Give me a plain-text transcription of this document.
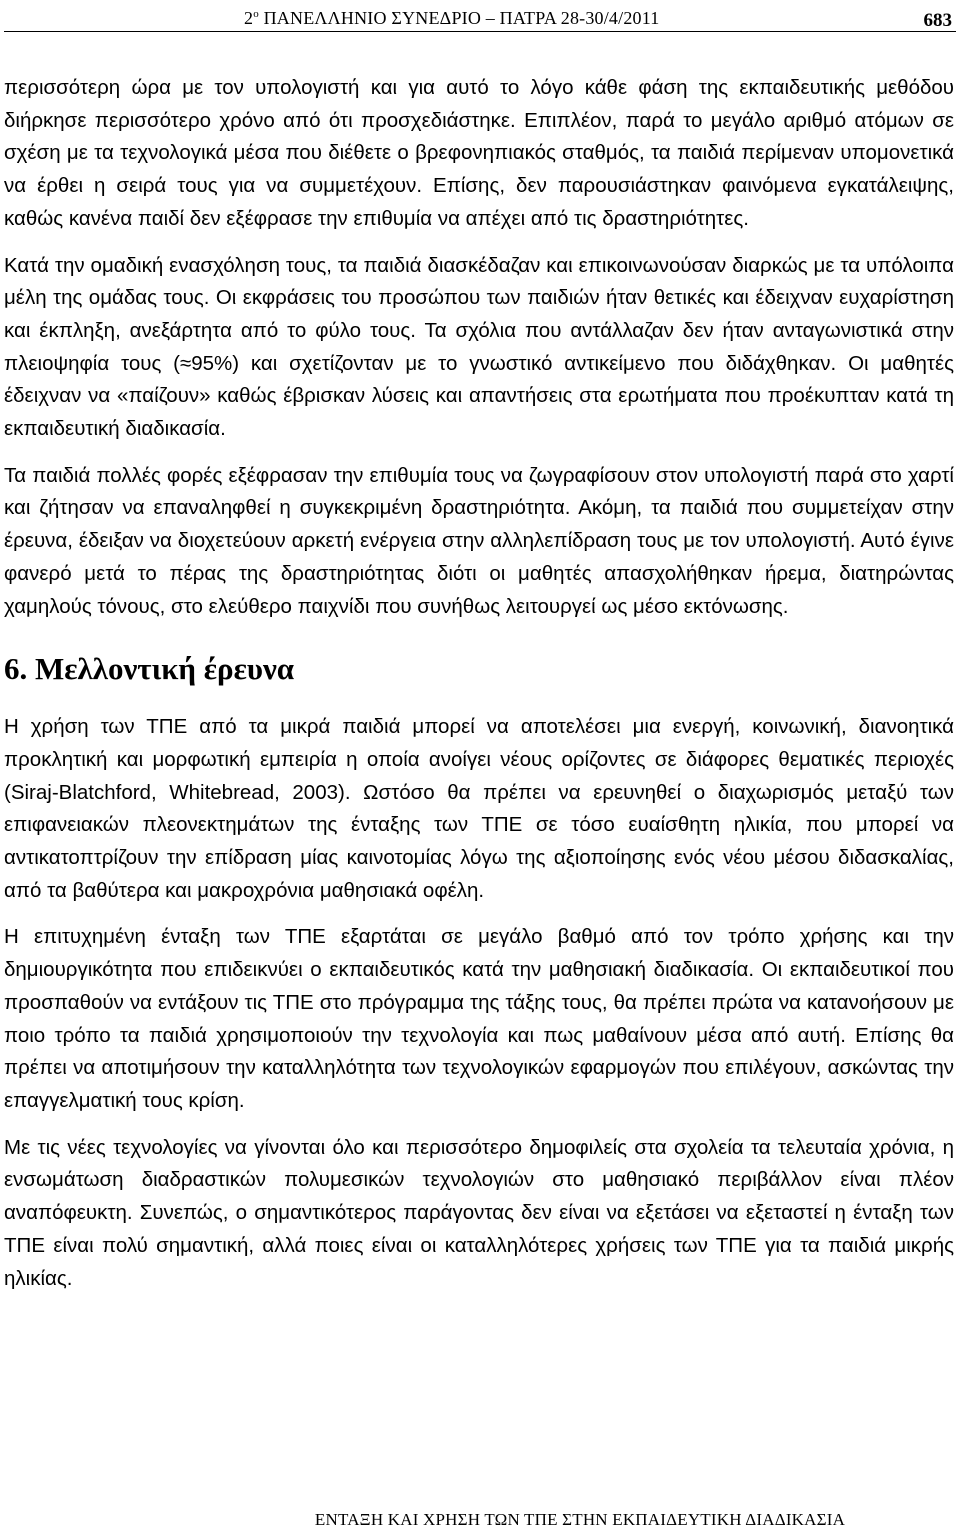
$2^o$ ΠΑΝΕΛΛΗΝΙΟ ΣΥΝΕΔΡΙΟ – ΠΑΤΡΑ 28-30/4/2011	683

περισσότερη ώρα με τον υπολογιστή και για αυτό το λόγο κάθε φάση της εκπαιδευτικής μεθόδου διήρκησε περισσότερο χρόνο από ότι προσχεδιάστηκε. Επιπλέον, παρά το μεγάλο αριθμό ατόμων σε σχέση με τα τεχνολογικά μέσα που διέθετε ο βρεφονηπιακός σταθμός, τα παιδιά περίμεναν υπομονετικά να έρθει η σειρά τους για να συμμετέχουν. Επίσης, δεν παρουσιάστηκαν φαινόμενα εγκατάλειψης, καθώς κανένα παιδί δεν εξέφρασε την επιθυμία να απέχει από τις δραστηριότητες.

Κατά την ομαδική ενασχόληση τους, τα παιδιά διασκέδαζαν και επικοινωνούσαν διαρκώς με τα υπόλοιπα μέλη της ομάδας τους. Οι εκφράσεις του προσώπου των παιδιών ήταν θετικές και έδειχναν ευχαρίστηση και έκπληξη, ανεξάρτητα από το φύλο τους. Τα σχόλια που αντάλλαζαν δεν ήταν ανταγωνιστικά στην πλειοψηφία τους (≈95%) και σχετίζονταν με το γνωστικό αντικείμενο που διδάχθηκαν. Οι μαθητές έδειχναν να «παίζουν» καθώς έβρισκαν λύσεις και απαντήσεις στα ερωτήματα που προέκυπταν κατά τη εκπαιδευτική διαδικασία.

Τα παιδιά πολλές φορές εξέφρασαν την επιθυμία τους να ζωγραφίσουν στον υπολογιστή παρά στο χαρτί και ζήτησαν να επαναληφθεί η συγκεκριμένη δραστηριότητα. Ακόμη, τα παιδιά που συμμετείχαν στην έρευνα, έδειξαν να διοχετεύουν αρκετή ενέργεια στην αλληλεπίδραση τους με τον υπολογιστή. Αυτό έγινε φανερό μετά το πέρας της δραστηριότητας διότι οι μαθητές απασχολήθηκαν ήρεμα, διατηρώντας χαμηλούς τόνους, στο ελεύθερο παιχνίδι που συνήθως λειτουργεί ως μέσο εκτόνωσης.

6. Μελλοντική έρευνα

Η χρήση των ΤΠΕ από τα μικρά παιδιά μπορεί να αποτελέσει μια ενεργή, κοινωνική, διανοητικά προκλητική και μορφωτική εμπειρία η οποία ανοίγει νέους ορίζοντες σε διάφορες θεματικές περιοχές (Siraj-Blatchford, Whitebread, 2003). Ωστόσο θα πρέπει να ερευνηθεί ο διαχωρισμός μεταξύ των επιφανειακών πλεονεκτημάτων της ένταξης των ΤΠΕ σε τόσο ευαίσθητη ηλικία, που μπορεί να αντικατοπτρίζουν την επίδραση μίας καινοτομίας λόγω της αξιοποίησης ενός νέου μέσου διδασκαλίας, από τα βαθύτερα και μακροχρόνια μαθησιακά οφέλη.

Η επιτυχημένη ένταξη των ΤΠΕ εξαρτάται σε μεγάλο βαθμό από τον τρόπο χρήσης και την δημιουργικότητα που επιδεικνύει ο εκπαιδευτικός κατά την μαθησιακή διαδικασία. Οι εκπαιδευτικοί που προσπαθούν να εντάξουν τις ΤΠΕ στο πρόγραμμα της τάξης τους, θα πρέπει πρώτα να κατανοήσουν με ποιο τρόπο τα παιδιά χρησιμοποιούν την τεχνολογία και πως μαθαίνουν μέσα από αυτή. Επίσης θα πρέπει να αποτιμήσουν την καταλληλότητα των τεχνολογικών εφαρμογών που επιλέγουν, ασκώντας την επαγγελματική τους κρίση.

Με τις νέες τεχνολογίες να γίνονται όλο και περισσότερο δημοφιλείς στα σχολεία τα τελευταία χρόνια, η ενσωμάτωση διαδραστικών πολυμεσικών τεχνολογιών στο μαθησιακό περιβάλλον είναι πλέον αναπόφευκτη. Συνεπώς, ο σημαντικότερος παράγοντας δεν είναι να εξετάσει να εξεταστεί η ένταξη των ΤΠΕ είναι πολύ σημαντική, αλλά ποιες είναι οι καταλληλότερες χρήσεις των ΤΠΕ για τα παιδιά μικρής ηλικίας.

ΕΝΤΑΞΗ ΚΑΙ ΧΡΗΣΗ ΤΩΝ ΤΠΕ ΣΤΗΝ ΕΚΠΑΙΔΕΥΤΙΚΗ ΔΙΑΔΙΚΑΣΙΑ
